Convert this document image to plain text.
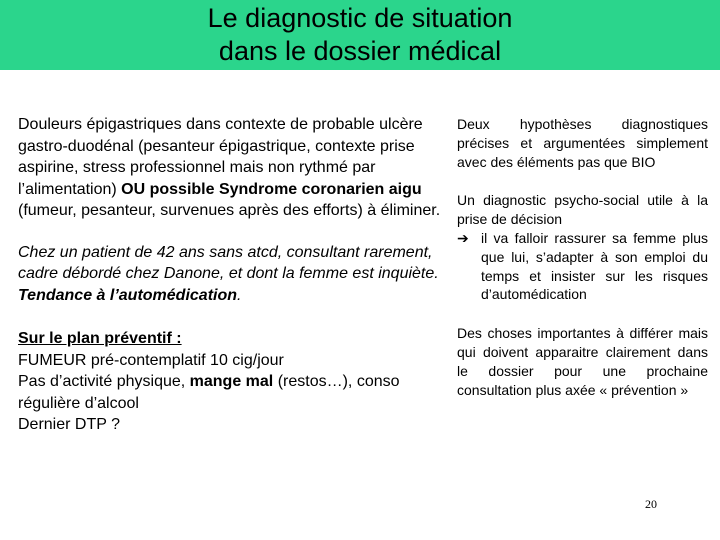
Le diagnostic de situation
dans le dossier médical

Douleurs épigastriques dans contexte de probable ulcère gastro-duodénal (pesanteur épigastrique, contexte prise aspirine, stress professionnel mais non rythmé par l’alimentation) OU possible Syndrome coronarien aigu (fumeur, pesanteur, survenues après des efforts) à éliminer.

Chez un patient de 42 ans sans atcd, consultant rarement, cadre débordé chez Danone, et dont la femme est inquiète. Tendance à l’automédication.

Sur le plan préventif :
FUMEUR pré-contemplatif 10 cig/jour
Pas d’activité physique, mange mal (restos…), conso régulière d’alcool
Dernier DTP ?

Deux hypothèses diagnostiques précises et argumentées simplement avec des éléments pas que BIO

Un diagnostic psycho-social utile à la prise de décision

➔ il va falloir rassurer sa femme plus que lui, s’adapter à son emploi du temps et insister sur les risques d’automédication

Des choses importantes à différer mais qui doivent apparaitre clairement dans le dossier pour une prochaine consultation plus axée « prévention »

20
